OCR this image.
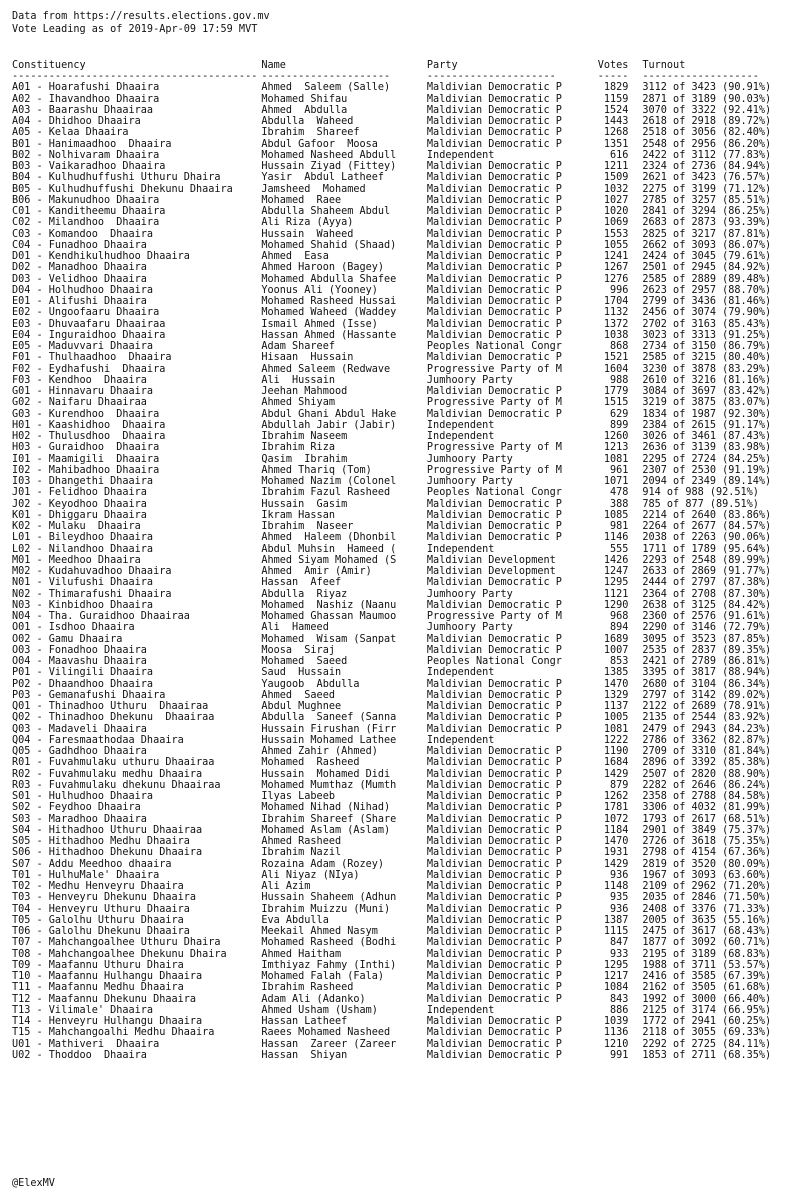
Data from https://results.elections.gov.mv
Vote Leading as of 2019-Apr-09 17:59 MVT
Constituency	Name	Party	Votes Turnout
---------------------------------------- ---------------------	---------------------	----- -------------------
A01 - Hoarafushi Dhaaira	Ahmed  Saleem (Salle)	Maldivian Democratic P	1829 3112 of 3423 (90.91%)
A02 - Ihavandhoo Dhaaira	Mohamed Shifau	Maldivian Democratic P	1159 2871 of 3189 (90.03%)
A03 - Baarashu Dhaairaa	Ahmed  Abdulla	Maldivian Democratic P	1524 3070 of 3322 (92.41%)
A04 - Dhidhoo Dhaaira	Abdulla  Waheed	Maldivian Democratic P	1443 2618 of 2918 (89.72%)
A05 - Kelaa Dhaaira	Ibrahim  Shareef	Maldivian Democratic P	1268 2518 of 3056 (82.40%)
B01 - Hanimaadhoo  Dhaaira	Abdul Gafoor  Moosa	Maldivian Democratic P	1351 2548 of 2956 (86.20%)
B02 - Nolhivaram Dhaaira	Mohamed Nasheed Abdull	Independent	616 2422 of 3112 (77.83%)
B03 - Vaikaradhoo Dhaaira	Hussain Ziyad (Fittey)	Maldivian Democratic P	1211 2324 of 2736 (84.94%)
B04 - Kulhudhuffushi Uthuru Dhaira	Yasir  Abdul Latheef	Maldivian Democratic P	1509 2621 of 3423 (76.57%)
B05 - Kulhudhuffushi Dhekunu Dhaaira	Jamsheed  Mohamed	Maldivian Democratic P	1032 2275 of 3199 (71.12%)
B06 - Makunudhoo Dhaaira	Mohamed  Raee	Maldivian Democratic P	1027 2785 of 3257 (85.51%)
C01 - Kanditheemu Dhaaira	Abdulla Shaheem Abdul	Maldivian Democratic P	1020 2841 of 3294 (86.25%)
C02 - Milandhoo  Dhaaira	Ali Riza (Ayya)	Maldivian Democratic P	1069 2683 of 2873 (93.39%)
C03 - Komandoo  Dhaaira	Hussain  Waheed	Maldivian Democratic P	1553 2825 of 3217 (87.81%)
C04 - Funadhoo Dhaaira	Mohamed Shahid (Shaad)	Maldivian Democratic P	1055 2662 of 3093 (86.07%)
D01 - Kendhikulhudhoo Dhaaira	Ahmed  Easa	Maldivian Democratic P	1241 2424 of 3045 (79.61%)
D02 - Manadhoo Dhaaira	Ahmed Haroon (Bagey)	Maldivian Democratic P	1267 2501 of 2945 (84.92%)
D03 - Velidhoo Dhaaira	Mohamed Abdulla Shafee	Maldivian Democratic P	1276 2585 of 2889 (89.48%)
D04 - Holhudhoo Dhaaira	Yoonus Ali (Yooney)	Maldivian Democratic P	996 2623 of 2957 (88.70%)
E01 - Alifushi Dhaaira	Mohamed Rasheed Hussai	Maldivian Democratic P	1704 2799 of 3436 (81.46%)
E02 - Ungoofaaru Dhaaira	Mohamed Waheed (Waddey	Maldivian Democratic P	1132 2456 of 3074 (79.90%)
E03 - Dhuvaafaru Dhaairaa	Ismail Ahmed (Isse)	Maldivian Democratic P	1372 2702 of 3163 (85.43%)
E04 - Inguraidhoo Dhaaira	Hassan Ahmed (Hassante	Maldivian Democratic P	1038 3023 of 3313 (91.25%)
E05 - Maduvvari Dhaaira	Adam Shareef	Peoples National Congr	868 2734 of 3150 (86.79%)
F01 - Thulhaadhoo  Dhaaira	Hisaan  Hussain	Maldivian Democratic P	1521 2585 of 3215 (80.40%)
F02 - Eydhafushi  Dhaaira	Ahmed Saleem (Redwave	Progressive Party of M	1604 3230 of 3878 (83.29%)
F03 - Kendhoo  Dhaaira	Ali  Hussain	Jumhoory Party	988 2610 of 3216 (81.16%)
G01 - Hinnavaru Dhaaira	Jeehan Mahmood	Maldivian Democratic P	1779 3084 of 3697 (83.42%)
G02 - Naifaru Dhaairaa	Ahmed Shiyam	Progressive Party of M	1515 3219 of 3875 (83.07%)
G03 - Kurendhoo  Dhaaira	Abdul Ghani Abdul Hake	Maldivian Democratic P	629 1834 of 1987 (92.30%)
H01 - Kaashidhoo  Dhaaira	Abdullah Jabir (Jabir)	Independent	899 2384 of 2615 (91.17%)
H02 - Thulusdhoo  Dhaaira	Ibrahim Naseem	Independent	1260 3026 of 3461 (87.43%)
H03 - Guraidhoo  Dhaaira	Ibrahim Riza	Progressive Party of M	1213 2636 of 3139 (83.98%)
I01 - Maamigili  Dhaaira	Qasim  Ibrahim	Jumhoory Party	1081 2295 of 2724 (84.25%)
I02 - Mahibadhoo Dhaaira	Ahmed Thariq (Tom)	Progressive Party of M	961 2307 of 2530 (91.19%)
I03 - Dhangethi Dhaaira	Mohamed Nazim (Colonel	Jumhoory Party	1071 2094 of 2349 (89.14%)
J01 - Felidhoo Dhaaira	Ibrahim Fazul Rasheed	Peoples National Congr	478 914 of 988 (92.51%)
J02 - Keyodhoo Dhaaira	Hussain  Gasim	Maldivian Democratic P	388 785 of 877 (89.51%)
K01 - Dhiggaru Dhaaira	Ikram Hassan	Maldivian Democratic P	1085 2214 of 2640 (83.86%)
K02 - Mulaku  Dhaaira	Ibrahim  Naseer	Maldivian Democratic P	981 2264 of 2677 (84.57%)
L01 - Bileydhoo Dhaaira	Ahmed  Haleem (Dhonbil	Maldivian Democratic P	1146 2038 of 2263 (90.06%)
L02 - Nilandhoo Dhaaira	Abdul Muhsin  Hameed (	Independent	555 1711 of 1789 (95.64%)
M01 - Meedhoo Dhaaira	Ahmed Siyam Mohamed (S	Maldivian Development	1426 2293 of 2548 (89.99%)
M02 - Kudahuvadhoo Dhaaira	Ahmed  Amir (Amir)	Maldivian Development	1247 2633 of 2869 (91.77%)
N01 - Vilufushi Dhaaira	Hassan  Afeef	Maldivian Democratic P	1295 2444 of 2797 (87.38%)
N02 - Thimarafushi Dhaaira	Abdulla  Riyaz	Jumhoory Party	1121 2364 of 2708 (87.30%)
N03 - Kinbidhoo Dhaaira	Mohamed  Nashiz (Naanu	Maldivian Democratic P	1290 2638 of 3125 (84.42%)
N04 - Tha. Guraidhoo Dhaairaa	Mohamed Ghassan Maumoo	Progressive Party of M	968 2360 of 2576 (91.61%)
O01 - Isdhoo Dhaaira	Ali  Hameed	Jumhoory Party	894 2290 of 3146 (72.79%)
O02 - Gamu Dhaaira	Mohamed  Wisam (Sanpat	Maldivian Democratic P	1689 3095 of 3523 (87.85%)
O03 - Fonadhoo Dhaaira	Moosa  Siraj	Maldivian Democratic P	1007 2535 of 2837 (89.35%)
O04 - Maavashu Dhaaira	Mohamed  Saeed	Peoples National Congr	853 2421 of 2789 (86.81%)
P01 - Vilingili Dhaaira	Saud  Hussain	Independent	1385 3395 of 3817 (88.94%)
P02 - Dhaandhoo Dhaaira	Yaugoob  Abdulla	Maldivian Democratic P	1470 2680 of 3104 (86.34%)
P03 - Gemanafushi Dhaaira	Ahmed  Saeed	Maldivian Democratic P	1329 2797 of 3142 (89.02%)
Q01 - Thinadhoo Uthuru  Dhaairaa	Abdul Mughnee	Maldivian Democratic P	1137 2122 of 2689 (78.91%)
Q02 - Thinadhoo Dhekunu  Dhaairaa	Abdulla  Saneef (Sanna	Maldivian Democratic P	1005 2135 of 2544 (83.92%)
Q03 - Madaveli Dhaaira	Hussain Firushan (Firr	Maldivian Democratic P	1081 2479 of 2943 (84.23%)
Q04 - Faresmaathodaa Dhaaira	Hussain Mohamed Lathee	Independent	1222 2786 of 3362 (82.87%)
Q05 - Gadhdhoo Dhaaira	Ahmed Zahir (Ahmed)	Maldivian Democratic P	1190 2709 of 3310 (81.84%)
R01 - Fuvahmulaku uthuru Dhaairaa	Mohamed  Rasheed	Maldivian Democratic P	1684 2896 of 3392 (85.38%)
R02 - Fuvahmulaku medhu Dhaaira	Hussain  Mohamed Didi	Maldivian Democratic P	1429 2507 of 2820 (88.90%)
R03 - Fuvahmulaku dhekunu Dhaairaa	Mohamed Mumthaz (Mumth	Maldivian Democratic P	879 2282 of 2646 (86.24%)
S01 - Hulhudhoo Dhaaira	Ilyas Labeeb	Maldivian Democratic P	1262 2358 of 2788 (84.58%)
S02 - Feydhoo Dhaaira	Mohamed Nihad (Nihad)	Maldivian Democratic P	1781 3306 of 4032 (81.99%)
S03 - Maradhoo Dhaaira	Ibrahim Shareef (Share	Maldivian Democratic P	1072 1793 of 2617 (68.51%)
S04 - Hithadhoo Uthuru Dhaairaa	Mohamed Aslam (Aslam)	Maldivian Democratic P	1184 2901 of 3849 (75.37%)
S05 - Hithadhoo Medhu Dhaaira	Ahmed Rasheed	Maldivian Democratic P	1470 2726 of 3618 (75.35%)
S06 - Hithadhoo Dhekunu Dhaaira	Ibrahim Nazil	Maldivian Democratic P	1931 2798 of 4154 (67.36%)
S07 - Addu Meedhoo dhaaira	Rozaina Adam (Rozey)	Maldivian Democratic P	1429 2819 of 3520 (80.09%)
T01 - HulhuMale' Dhaaira	Ali Niyaz (NIya)	Maldivian Democratic P	936 1967 of 3093 (63.60%)
T02 - Medhu Henveyru Dhaaira	Ali Azim	Maldivian Democratic P	1148 2109 of 2962 (71.20%)
T03 - Henveyru Dhekunu Dhaaira	Hussain Shaheem (Adhun	Maldivian Democratic P	935 2035 of 2846 (71.50%)
T04 - Henveyru Uthuru Dhaaira	Ibrahim Muizzu (Muni)	Maldivian Democratic P	936 2408 of 3376 (71.33%)
T05 - Galolhu Uthuru Dhaaira	Eva Abdulla	Maldivian Democratic P	1387 2005 of 3635 (55.16%)
T06 - Galolhu Dhekunu Dhaaira	Meekail Ahmed Nasym	Maldivian Democratic P	1115 2475 of 3617 (68.43%)
T07 - Mahchangoalhee Uthuru Dhaira	Mohamed Rasheed (Bodhi	Maldivian Democratic P	847 1877 of 3092 (60.71%)
T08 - Mahchangoalhee Dhekunu Dhaira	Ahmed Haitham	Maldivian Democratic P	933 2195 of 3189 (68.83%)
T09 - Maafannu Uthuru Dhaira	Imthiyaz Fahmy (Inthi)	Maldivian Democratic P	1295 1988 of 3711 (53.57%)
T10 - Maafannu Hulhangu Dhaaira	Mohamed Falah (Fala)	Maldivian Democratic P	1217 2416 of 3585 (67.39%)
T11 - Maafannu Medhu Dhaaira	Ibrahim Rasheed	Maldivian Democratic P	1084 2162 of 3505 (61.68%)
T12 - Maafannu Dhekunu Dhaaira	Adam Ali (Adanko)	Maldivian Democratic P	843 1992 of 3000 (66.40%)
T13 - Vilimale' Dhaaira	Ahmed Usham (Usham)	Independent	886 2125 of 3174 (66.95%)
T14 - Henveyru Hulhangu Dhaaira	Hassan Latheef	Maldivian Democratic P	1039 1772 of 2941 (60.25%)
T15 - Mahchangoalhi Medhu Dhaaira	Raees Mohamed Nasheed	Maldivian Democratic P	1136 2118 of 3055 (69.33%)
U01 - Mathiveri  Dhaaira	Hassan  Zareer (Zareer	Maldivian Democratic P	1210 2292 of 2725 (84.11%)
U02 - Thoddoo  Dhaaira	Hassan  Shiyan	Maldivian Democratic P	991 1853 of 2711 (68.35%)
@ElexMV
